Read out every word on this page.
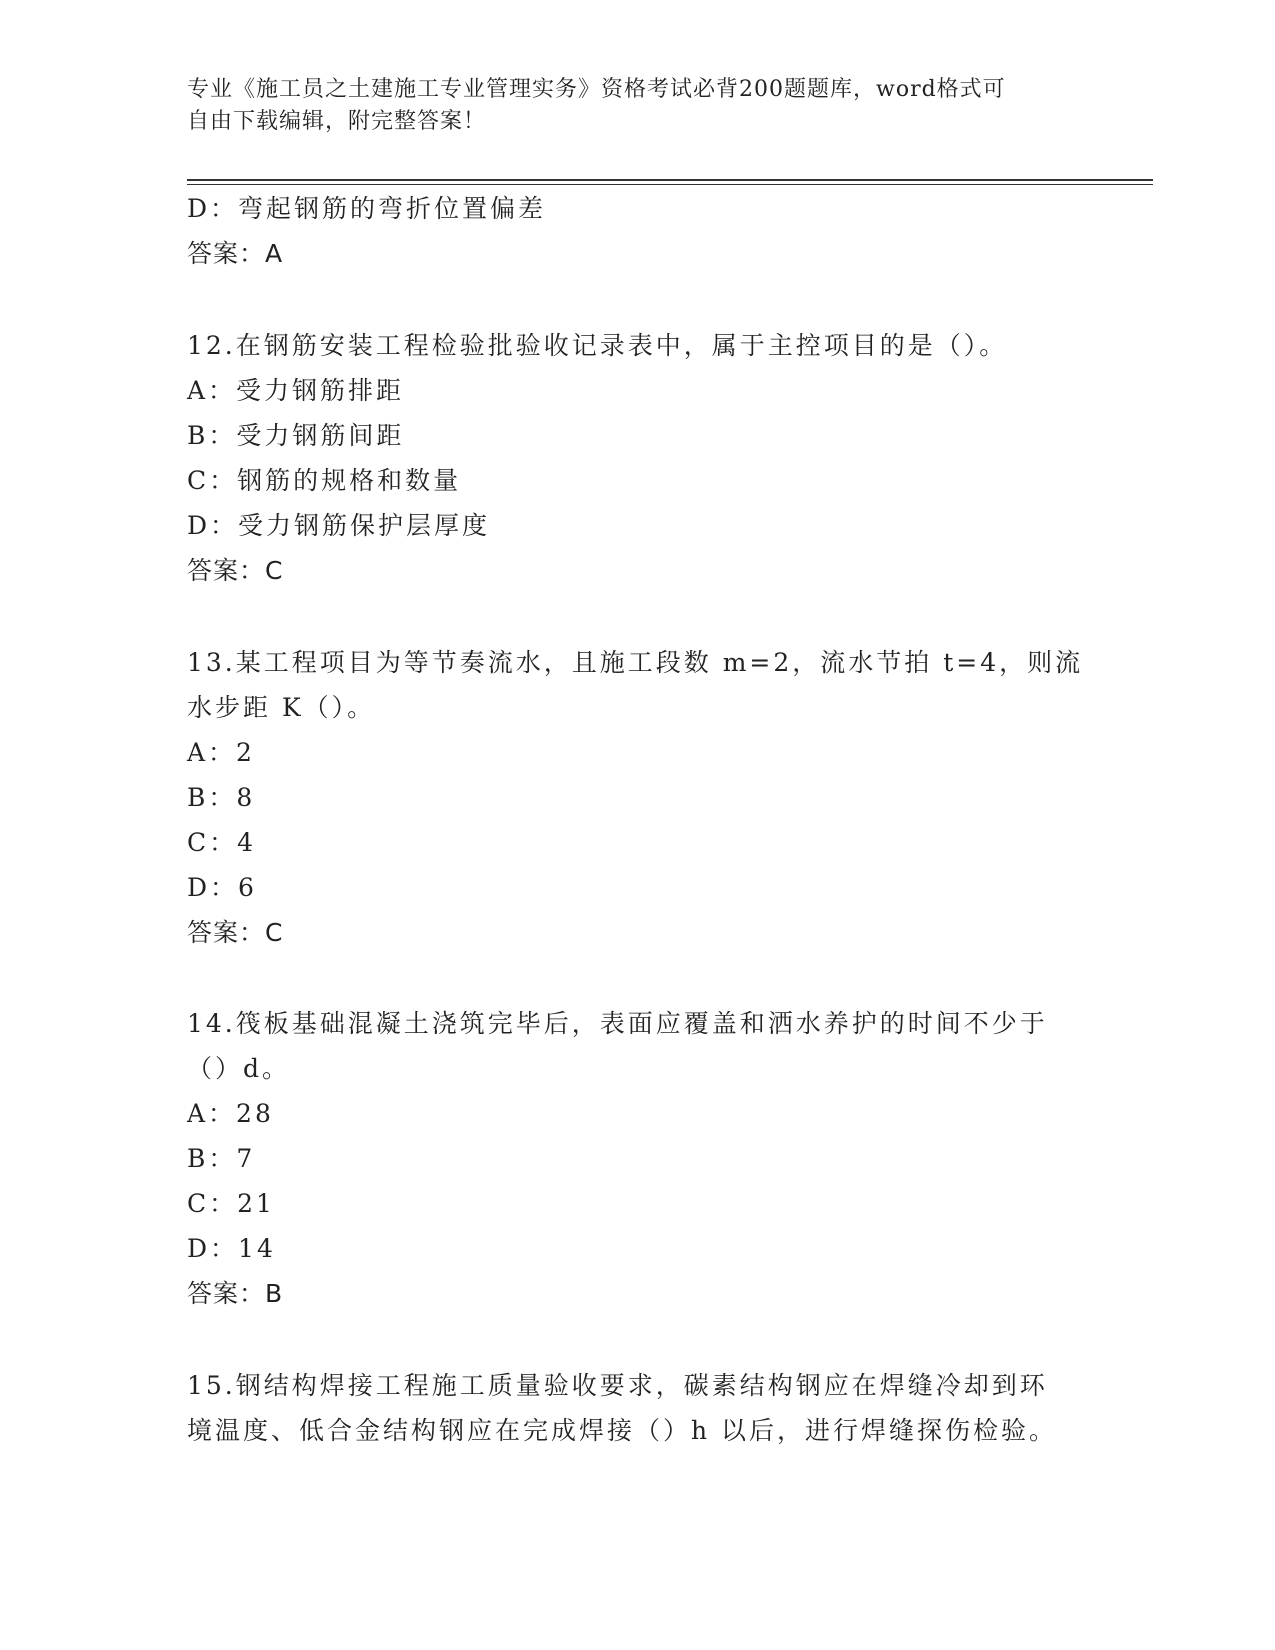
专业《施工员之土建施工专业管理实务》资格考试必背200题题库，word格式可
自由下载编辑，附完整答案！
D：弯起钢筋的弯折位置偏差
答案：A
12.在钢筋安装工程检验批验收记录表中，属于主控项目的是（）。
A：受力钢筋排距
B：受力钢筋间距
C：钢筋的规格和数量
D：受力钢筋保护层厚度
答案：C
13.某工程项目为等节奏流水，且施工段数 m=2，流水节拍 t=4，则流
水步距 K（）。
A：2
B：8
C：4
D：6
答案：C
14.筏板基础混凝土浇筑完毕后，表面应覆盖和洒水养护的时间不少于
（）d。
A：28
B：7
C：21
D：14
答案：B
15.钢结构焊接工程施工质量验收要求，碳素结构钢应在焊缝冷却到环
境温度、低合金结构钢应在完成焊接（）h 以后，进行焊缝探伤检验。
